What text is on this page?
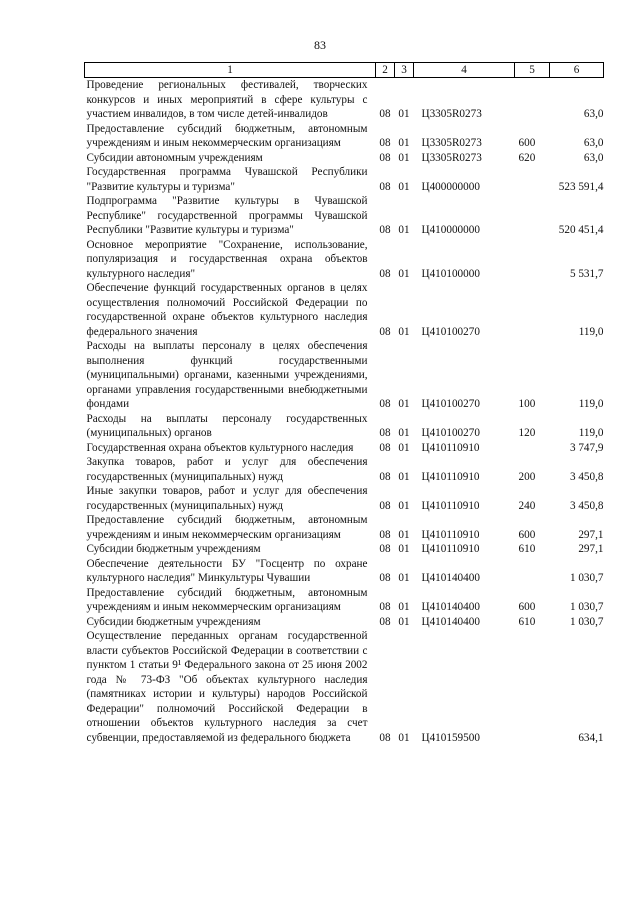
83
1	2	3	4	5	6
Проведение региональных фестивалей, творческих конкурсов и иных мероприятий в сфере культуры с участием инвалидов, в том числе детей-инвалидов	08	01	Ц3305R0273		63,0
Предоставление субсидий бюджетным, автономным учреждениям и иным некоммерческим организациям	08	01	Ц3305R0273	600	63,0
Субсидии автономным учреждениям	08	01	Ц3305R0273	620	63,0
Государственная программа Чувашской Республики "Развитие культуры и туризма"	08	01	Ц400000000		523 591,4
Подпрограмма "Развитие культуры в Чувашской Республике" государственной программы Чувашской Республики "Развитие культуры и туризма"	08	01	Ц410000000		520 451,4
Основное мероприятие "Сохранение, использование, популяризация и государственная охрана объектов культурного наследия"	08	01	Ц410100000		5 531,7
Обеспечение функций государственных органов в целях осуществления полномочий Российской Федерации по государственной охране объектов культурного наследия федерального значения	08	01	Ц410100270		119,0
Расходы на выплаты персоналу в целях обеспечения выполнения функций государственными (муниципальными) органами, казенными учреждениями, органами управления государственными внебюджетными фондами	08	01	Ц410100270	100	119,0
Расходы на выплаты персоналу государственных (муниципальных) органов	08	01	Ц410100270	120	119,0
Государственная охрана объектов культурного наследия	08	01	Ц410110910		3 747,9
Закупка товаров, работ и услуг для обеспечения государственных (муниципальных) нужд	08	01	Ц410110910	200	3 450,8
Иные закупки товаров, работ и услуг для обеспечения государственных (муниципальных) нужд	08	01	Ц410110910	240	3 450,8
Предоставление субсидий бюджетным, автономным учреждениям и иным некоммерческим организациям	08	01	Ц410110910	600	297,1
Субсидии бюджетным учреждениям	08	01	Ц410110910	610	297,1
Обеспечение деятельности БУ "Госцентр по охране культурного наследия" Минкультуры Чувашии	08	01	Ц410140400		1 030,7
Предоставление субсидий бюджетным, автономным учреждениям и иным некоммерческим организациям	08	01	Ц410140400	600	1 030,7
Субсидии бюджетным учреждениям	08	01	Ц410140400	610	1 030,7
Осуществление переданных органам государственной власти субъектов Российской Федерации в соответствии с пунктом 1 статьи 9¹ Федерального закона от 25 июня 2002 года № 73-ФЗ "Об объектах культурного наследия (памятниках истории и культуры) народов Российской Федерации" полномочий Российской Федерации в отношении объектов культурного наследия за счет субвенции, предоставляемой из федерального бюджета	08	01	Ц410159500		634,1
